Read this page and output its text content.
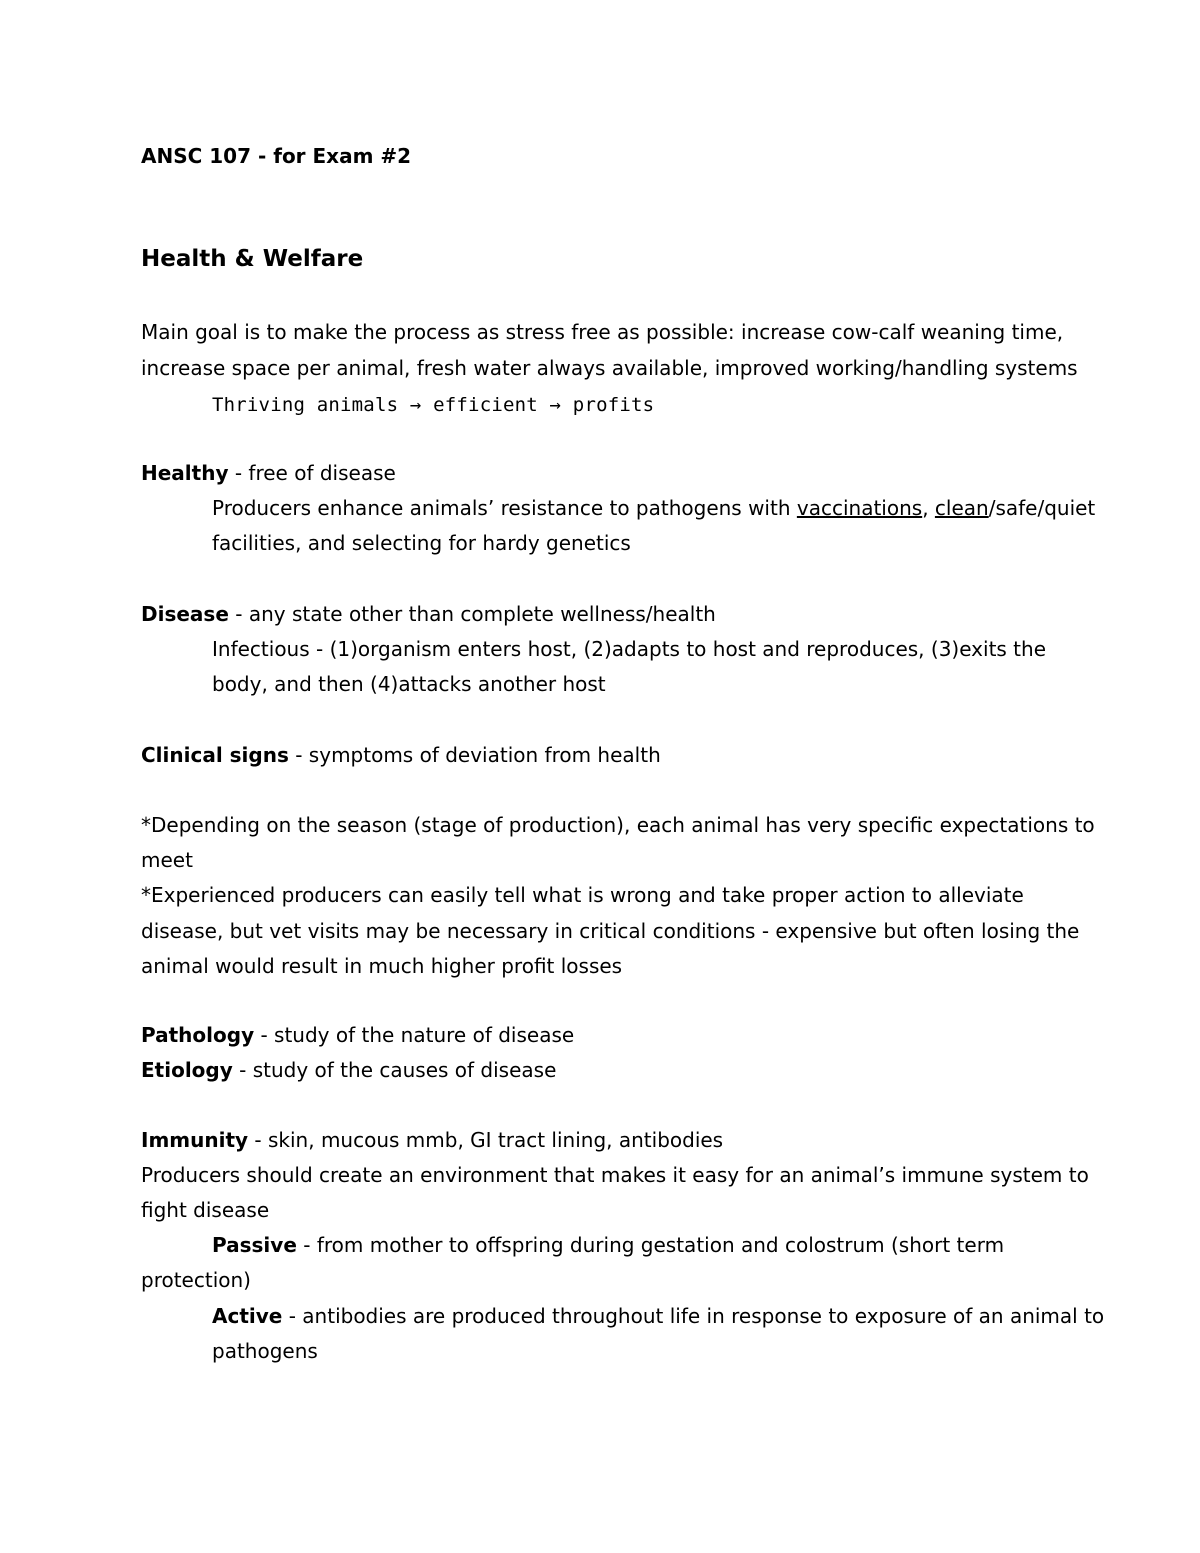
ANSC 107 - for Exam #2
Health & Welfare
Main goal is to make the process as stress free as possible: increase cow-calf weaning time,
increase space per animal, fresh water always available, improved working/handling systems
Thriving animals → efficient → profits
Healthy - free of disease
Producers enhance animals’ resistance to pathogens with vaccinations, clean/safe/quiet
facilities, and selecting for hardy genetics
Disease - any state other than complete wellness/health
Infectious - (1)organism enters host, (2)adapts to host and reproduces, (3)exits the
body, and then (4)attacks another host
Clinical signs - symptoms of deviation from health
*Depending on the season (stage of production), each animal has very specific expectations to
meet
*Experienced producers can easily tell what is wrong and take proper action to alleviate
disease, but vet visits may be necessary in critical conditions - expensive but often losing the
animal would result in much higher profit losses
Pathology - study of the nature of disease
Etiology - study of the causes of disease
Immunity - skin, mucous mmb, GI tract lining, antibodies
Producers should create an environment that makes it easy for an animal’s immune system to
fight disease
Passive - from mother to offspring during gestation and colostrum (short term
protection)
Active - antibodies are produced throughout life in response to exposure of an animal to
pathogens
